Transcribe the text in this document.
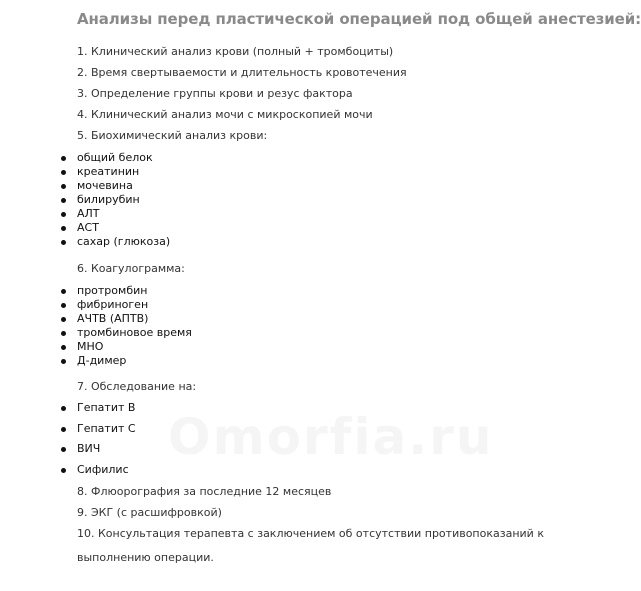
Анализы перед пластической операцией под общей анестезией:
1. Клинический анализ крови (полный + тромбоциты)
2. Время свертываемости и длительность кровотечения
3. Определение группы крови и резус фактора
4. Клинический анализ мочи с микроскопией мочи
5. Биохимический анализ крови:
общий белок
креатинин
мочевина
билирубин
АЛТ
АСТ
сахар (глюкоза)
6. Коагулограмма:
протромбин
фибриноген
АЧТВ (АПТВ)
тромбиновое время
МНО
Д-димер
7. Обследование на:
Гепатит В
Гепатит С
ВИЧ
Сифилис
8. Флюорография за последние 12 месяцев
9. ЭКГ (с расшифровкой)
10. Консультация терапевта с заключением об отсутствии противопоказаний к выполнению операции.
Omorfia.ru
